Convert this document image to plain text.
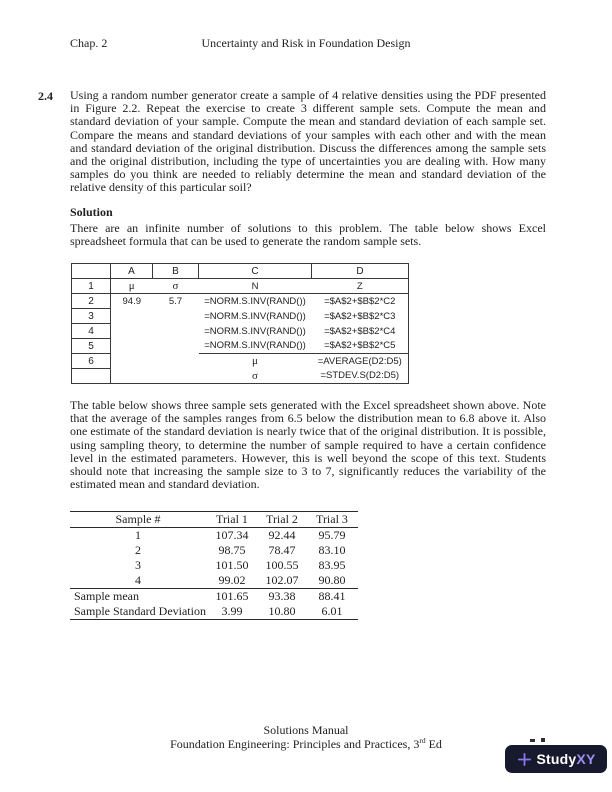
Chap. 2	Uncertainty and Risk in Foundation Design
2.4 Using a random number generator create a sample of 4 relative densities using the PDF presented in Figure 2.2. Repeat the exercise to create 3 different sample sets. Compute the mean and standard deviation of your sample. Compute the mean and standard deviation of each sample set. Compare the means and standard deviations of your samples with each other and with the mean and standard deviation of the original distribution. Discuss the differences among the sample sets and the original distribution, including the type of uncertainties you are dealing with. How many samples do you think are needed to reliably determine the mean and standard deviation of the relative density of this particular soil?
Solution
There are an infinite number of solutions to this problem. The table below shows Excel spreadsheet formula that can be used to generate the random sample sets.
	A	B	C	D
1	μ	σ	N	Z
2	94.9	5.7	=NORM.S.INV(RAND())	=$A$2+$B$2*C2
3			=NORM.S.INV(RAND())	=$A$2+$B$2*C3
4			=NORM.S.INV(RAND())	=$A$2+$B$2*C4
5			=NORM.S.INV(RAND())	=$A$2+$B$2*C5
6			μ	=AVERAGE(D2:D5)
			σ	=STDEV.S(D2:D5)
The table below shows three sample sets generated with the Excel spreadsheet shown above. Note that the average of the samples ranges from 6.5 below the distribution mean to 6.8 above it. Also one estimate of the standard deviation is nearly twice that of the original distribution. It is possible, using sampling theory, to determine the number of sample required to have a certain confidence level in the estimated parameters. However, this is well beyond the scope of this text. Students should note that increasing the sample size to 3 to 7, significantly reduces the variability of the estimated mean and standard deviation.
Sample #	Trial 1	Trial 2	Trial 3
1	107.34	92.44	95.79
2	98.75	78.47	83.10
3	101.50	100.55	83.95
4	99.02	102.07	90.80
Sample mean	101.65	93.38	88.41
Sample Standard Deviation	3.99	10.80	6.01
Solutions Manual
Foundation Engineering: Principles and Practices, 3rd Ed
StudyXY
